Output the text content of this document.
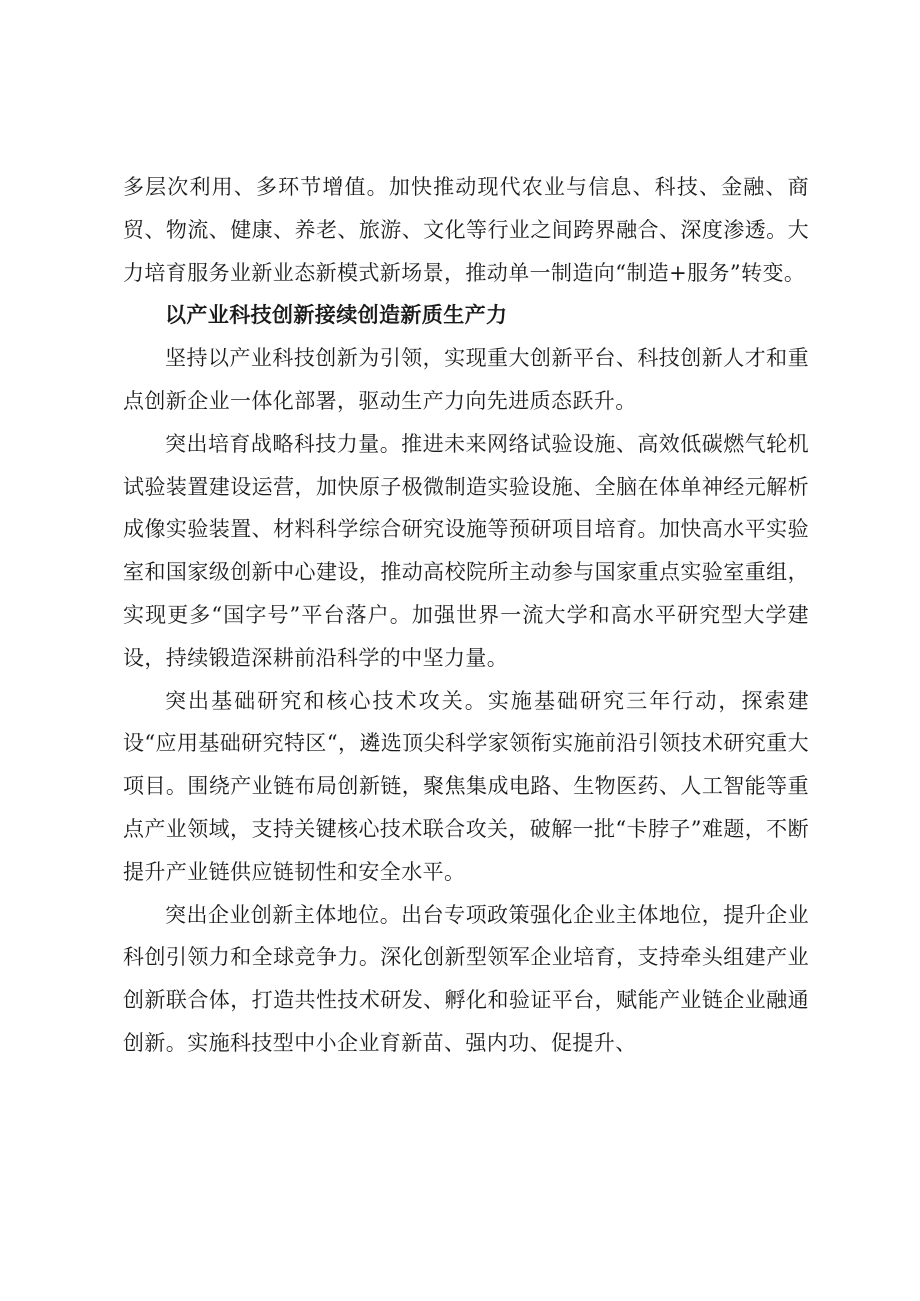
多层次利用、多环节增值。加快推动现代农业与信息、科技、金融、商贸、物流、健康、养老、旅游、文化等行业之间跨界融合、深度渗透。大力培育服务业新业态新模式新场景，推动单一制造向“制造+服务”转变。

以产业科技创新接续创造新质生产力

坚持以产业科技创新为引领，实现重大创新平台、科技创新人才和重点创新企业一体化部署，驱动生产力向先进质态跃升。

突出培育战略科技力量。推进未来网络试验设施、高效低碳燃气轮机试验装置建设运营，加快原子极微制造实验设施、全脑在体单神经元解析成像实验装置、材料科学综合研究设施等预研项目培育。加快高水平实验室和国家级创新中心建设，推动高校院所主动参与国家重点实验室重组，实现更多“国字号”平台落户。加强世界一流大学和高水平研究型大学建设，持续锻造深耕前沿科学的中坚力量。

突出基础研究和核心技术攻关。实施基础研究三年行动，探索建设“应用基础研究特区“，遴选顶尖科学家领衔实施前沿引领技术研究重大项目。围绕产业链布局创新链，聚焦集成电路、生物医药、人工智能等重点产业领域，支持关键核心技术联合攻关，破解一批“卡脖子”难题，不断提升产业链供应链韧性和安全水平。

突出企业创新主体地位。出台专项政策强化企业主体地位，提升企业科创引领力和全球竞争力。深化创新型领军企业培育，支持牵头组建产业创新联合体，打造共性技术研发、孵化和验证平台，赋能产业链企业融通创新。实施科技型中小企业育新苗、强内功、促提升、
